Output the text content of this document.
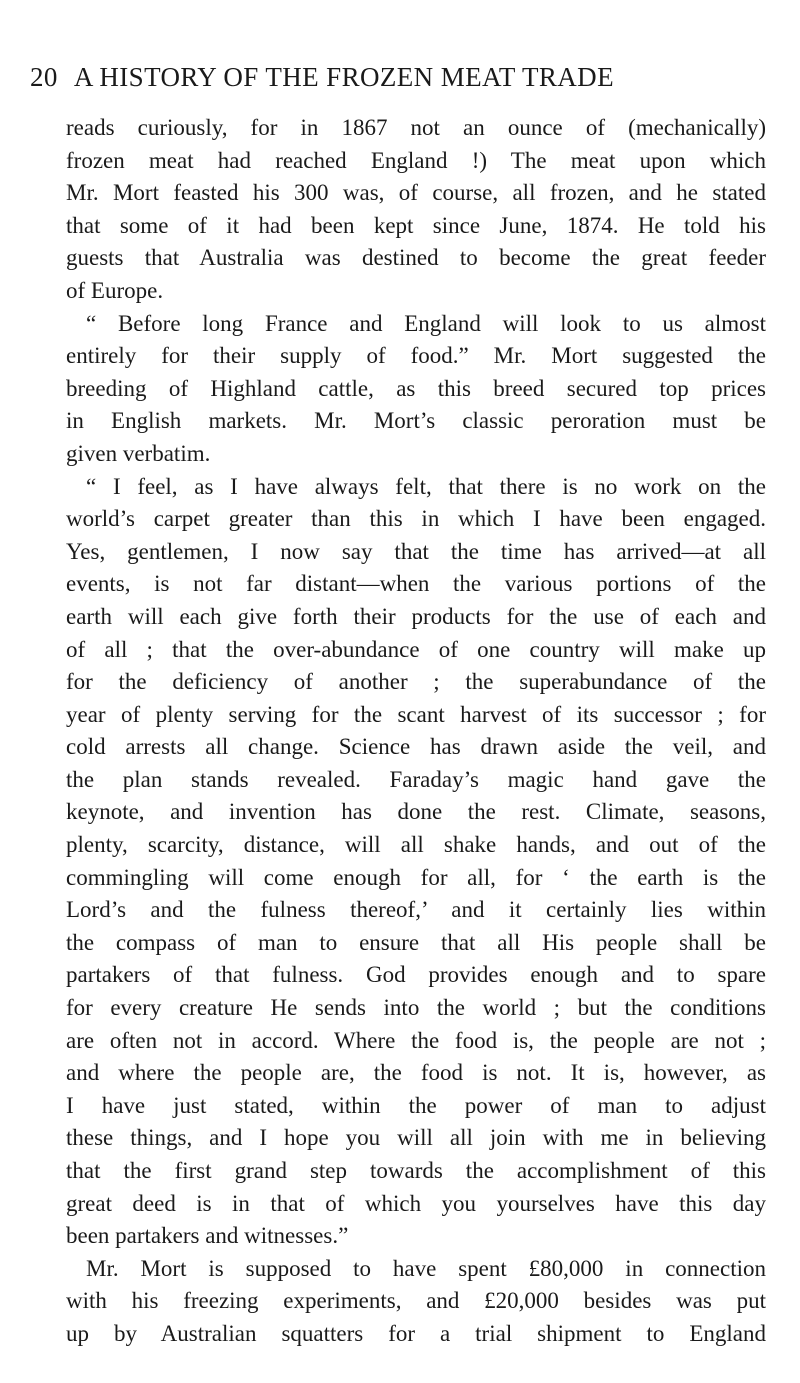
20 A HISTORY OF THE FROZEN MEAT TRADE
reads curiously, for in 1867 not an ounce of (mechanically)
frozen meat had reached England !) The meat upon which
Mr. Mort feasted his 300 was, of course, all frozen, and he stated
that some of it had been kept since June, 1874. He told his
guests that Australia was destined to become the great feeder
of Europe.
“ Before long France and England will look to us almost
entirely for their supply of food.” Mr. Mort suggested the
breeding of Highland cattle, as this breed secured top prices
in English markets. Mr. Mort’s classic peroration must be
given verbatim.
“ I feel, as I have always felt, that there is no work on the
world’s carpet greater than this in which I have been engaged.
Yes, gentlemen, I now say that the time has arrived—at all
events, is not far distant—when the various portions of the
earth will each give forth their products for the use of each and
of all ; that the over-abundance of one country will make up
for the deficiency of another ; the superabundance of the
year of plenty serving for the scant harvest of its successor ; for
cold arrests all change. Science has drawn aside the veil, and
the plan stands revealed. Faraday’s magic hand gave the
keynote, and invention has done the rest. Climate, seasons,
plenty, scarcity, distance, will all shake hands, and out of the
commingling will come enough for all, for ‘ the earth is the
Lord’s and the fulness thereof,’ and it certainly lies within
the compass of man to ensure that all His people shall be
partakers of that fulness. God provides enough and to spare
for every creature He sends into the world ; but the conditions
are often not in accord. Where the food is, the people are not ;
and where the people are, the food is not. It is, however, as
I have just stated, within the power of man to adjust
these things, and I hope you will all join with me in believing
that the first grand step towards the accomplishment of this
great deed is in that of which you yourselves have this day
been partakers and witnesses.”
Mr. Mort is supposed to have spent £80,000 in connection
with his freezing experiments, and £20,000 besides was put
up by Australian squatters for a trial shipment to England
